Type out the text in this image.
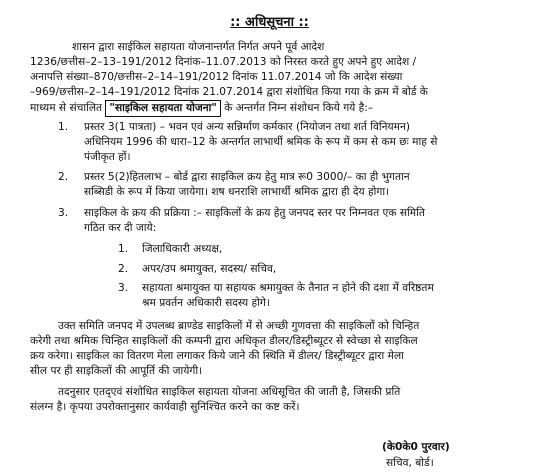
:: अधिसूचना ::
शासन द्वारा साईकिल सहायता योजनान्तर्गत निर्गत अपने पूर्व आदेश
1236/छत्तीस–2–13–191/2012 दिनांक–11.07.2013 को निरस्त करते हुए अपने हुए आदेश /
अनापत्ति संख्या–870/छत्तीस–2–14–191/2012 दिनांक 11.07.2014 जो कि आदेश संख्या
–969/छत्तीस–2–14–191/2012 दिनांक 21.07.2014 द्वारा संशोधित किया गया के क्रम में बोर्ड के
माध्यम से संचालित "साइकिल सहायता योजना" के अन्तर्गत निम्न संशोधन किये गये है:–
1. प्रस्तर 3(1 पात्रता) – भवन एवं अन्य सन्निर्माण कर्मकार (नियोजन तथा शर्त विनियमन)
अधिनियम 1996 की धारा–12 के अन्तर्गत लाभार्थी श्रमिक के रूप में कम से कम छः माह से
पंजीकृत हों।
2. प्रस्तर 5(2)हितलाभ – बोर्ड द्वारा साइकिल क्रय हेतु मात्र रू0 3000/– का ही भुगतान
सब्सिडी के रूप में किया जायेगा। शष धनराशि लाभार्थी श्रमिक द्वारा ही देय होगा।
3. साइकिल के क्रय की प्रक्रिया :– साइकिलों के क्रय हेतु जनपद स्तर पर निम्नवत एक समिति
गठित कर दी जाये:
1. जिलाधिकारी अध्यक्ष,
2. अपर/उप श्रमायुक्त, सदस्य/ सचिव,
3. सहायता श्रमायुक्त या सहायक श्रमायुक्त के तैनात न होने की दशा में वरिष्ठतम
श्रम प्रवर्तन अधिकारी सदस्य होगे।
उक्त समिति जनपद में उपलब्ध ब्राण्डेड साइकिलों में से अच्छी गुणवत्ता की साइकिलों को चिन्हित
करेगी तथा श्रमिक चिन्हित साइकिलों की कम्पनी द्वारा अधिकृत डीलर/डिस्ट्रीब्यूटर से स्वेच्छा से साइकिल
क्रय करेगा। साइकिल का वितरण मेला लगाकर किये जाने की स्थिति में डीलर/ डिस्ट्रीब्यूटर द्वारा मेला
सील पर ही साइकिलों की आपूर्ति की जायेगी।
तदनुसार एतद्एवं संशोधित साइकिल सहायता योजना अधिसूचित की जाती है, जिसकी प्रति
संलग्न है। कृपया उपरोक्तानुसार कार्यवाही सुनिश्चित करने का कष्ट करें।
(के0के0 पुरवार)
सचिव, बोर्ड।
